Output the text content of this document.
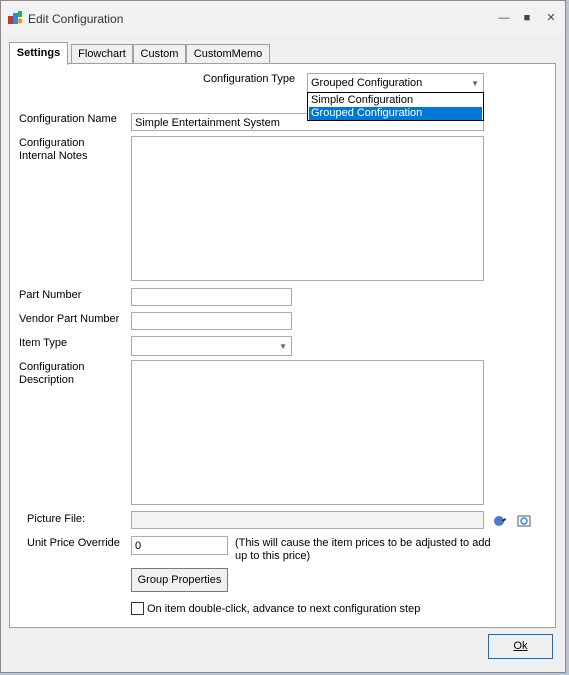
Edit Configuration	—	■	✕
Settings	Flowchart	Custom	CustomMemo
Configuration Type	Grouped Configuration	▼
Simple Configuration
Grouped Configuration
Configuration Name	Simple Entertainment System
Configuration
Internal Notes
Part Number
Vendor Part Number
Item Type	▼
Configuration
Description
Picture File:
Unit Price Override	0	(This will cause the item prices to be adjusted to add
up to this price)
Group Properties
On item double-click, advance to next configuration step
Ok
